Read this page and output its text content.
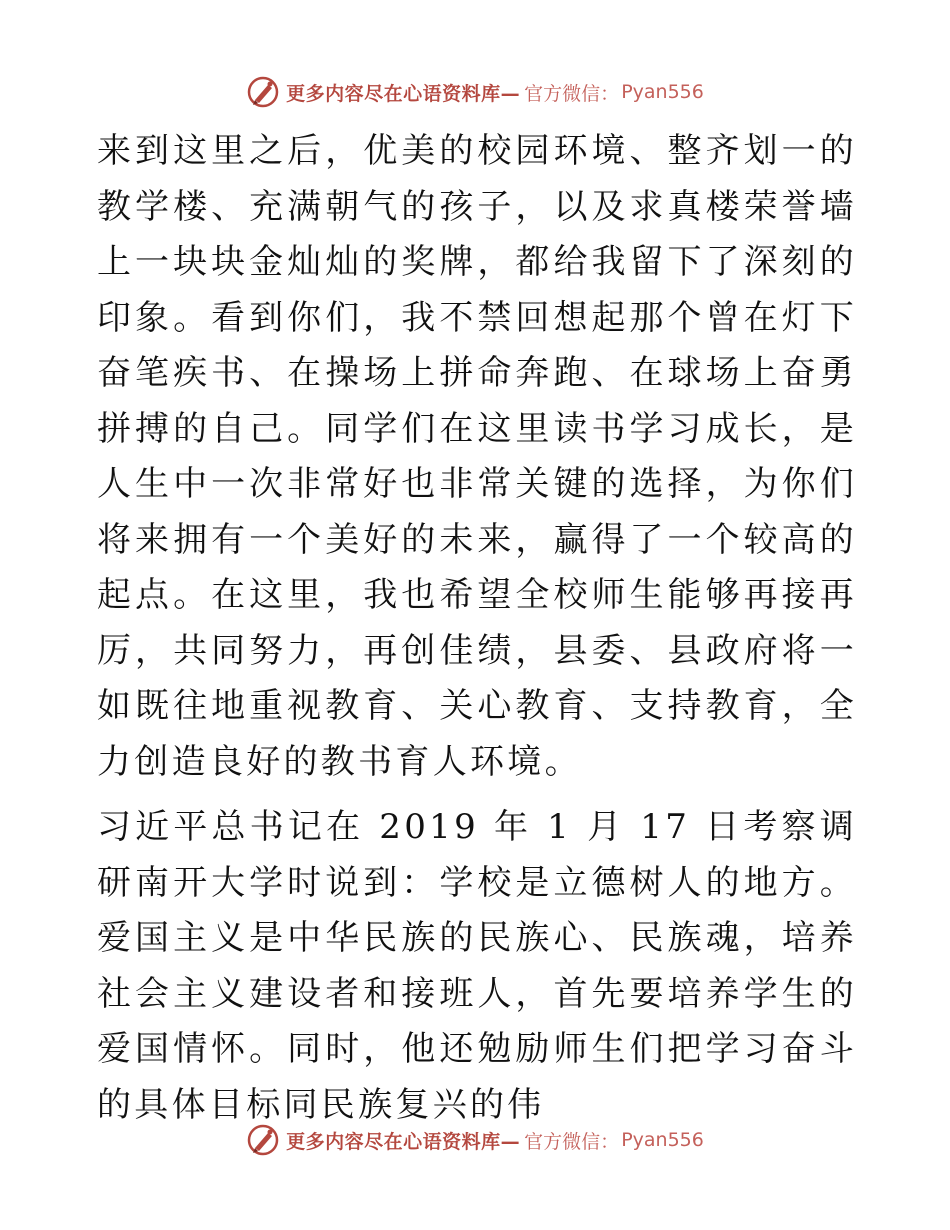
更多内容尽在心语资料库— 官方微信： Pyan556

来到这里之后，优美的校园环境、整齐划一的教学楼、充满朝气的孩子，以及求真楼荣誉墙上一块块金灿灿的奖牌，都给我留下了深刻的印象。看到你们，我不禁回想起那个曾在灯下奋笔疾书、在操场上拼命奔跑、在球场上奋勇拼搏的自己。同学们在这里读书学习成长，是人生中一次非常好也非常关键的选择，为你们将来拥有一个美好的未来，赢得了一个较高的起点。在这里，我也希望全校师生能够再接再厉，共同努力，再创佳绩，县委、县政府将一如既往地重视教育、关心教育、支持教育，全力创造良好的教书育人环境。

习近平总书记在 2019 年 1 月 17 日考察调研南开大学时说到：学校是立德树人的地方。爱国主义是中华民族的民族心、民族魂，培养社会主义建设者和接班人，首先要培养学生的爱国情怀。同时，他还勉励师生们把学习奋斗的具体目标同民族复兴的伟

更多内容尽在心语资料库— 官方微信： Pyan556
